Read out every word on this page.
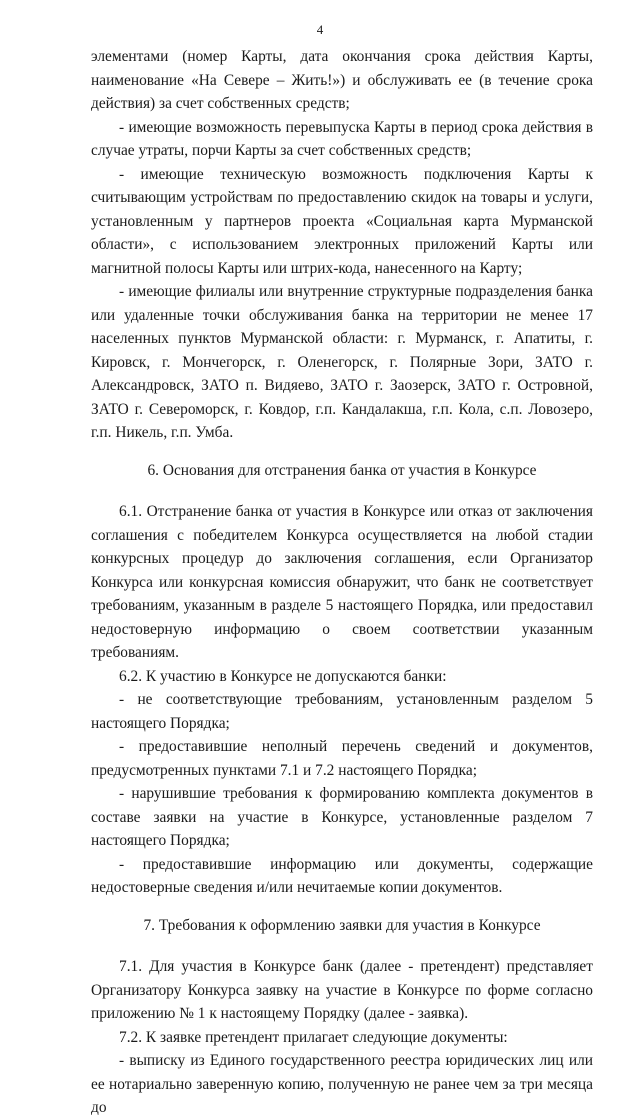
4

элементами (номер Карты, дата окончания срока действия Карты, наименование «На Севере – Жить!») и обслуживать ее (в течение срока действия) за счет собственных средств;

- имеющие возможность перевыпуска Карты в период срока действия в случае утраты, порчи Карты за счет собственных средств;

- имеющие техническую возможность подключения Карты к считывающим устройствам по предоставлению скидок на товары и услуги, установленным у партнеров проекта «Социальная карта Мурманской области», с использованием электронных приложений Карты или магнитной полосы Карты или штрих-кода, нанесенного на Карту;

- имеющие филиалы или внутренние структурные подразделения банка или удаленные точки обслуживания банка на территории не менее 17 населенных пунктов Мурманской области: г. Мурманск, г. Апатиты, г. Кировск, г. Мончегорск, г. Оленегорск, г. Полярные Зори, ЗАТО г. Александровск, ЗАТО п. Видяево, ЗАТО г. Заозерск, ЗАТО г. Островной, ЗАТО г. Североморск, г. Ковдор, г.п. Кандалакша, г.п. Кола, с.п. Ловозеро, г.п. Никель, г.п. Умба.

6. Основания для отстранения банка от участия в Конкурсе

6.1. Отстранение банка от участия в Конкурсе или отказ от заключения соглашения с победителем Конкурса осуществляется на любой стадии конкурсных процедур до заключения соглашения, если Организатор Конкурса или конкурсная комиссия обнаружит, что банк не соответствует требованиям, указанным в разделе 5 настоящего Порядка, или предоставил недостоверную информацию о своем соответствии указанным требованиям.

6.2. К участию в Конкурсе не допускаются банки:

- не соответствующие требованиям, установленным разделом 5 настоящего Порядка;

- предоставившие неполный перечень сведений и документов, предусмотренных пунктами 7.1 и 7.2 настоящего Порядка;

- нарушившие требования к формированию комплекта документов в составе заявки на участие в Конкурсе, установленные разделом 7 настоящего Порядка;

- предоставившие информацию или документы, содержащие недостоверные сведения и/или нечитаемые копии документов.

7. Требования к оформлению заявки для участия в Конкурсе

7.1. Для участия в Конкурсе банк (далее - претендент) представляет Организатору Конкурса заявку на участие в Конкурсе по форме согласно приложению № 1 к настоящему Порядку (далее - заявка).

7.2. К заявке претендент прилагает следующие документы:

- выписку из Единого государственного реестра юридических лиц или ее нотариально заверенную копию, полученную не ранее чем за три месяца до
